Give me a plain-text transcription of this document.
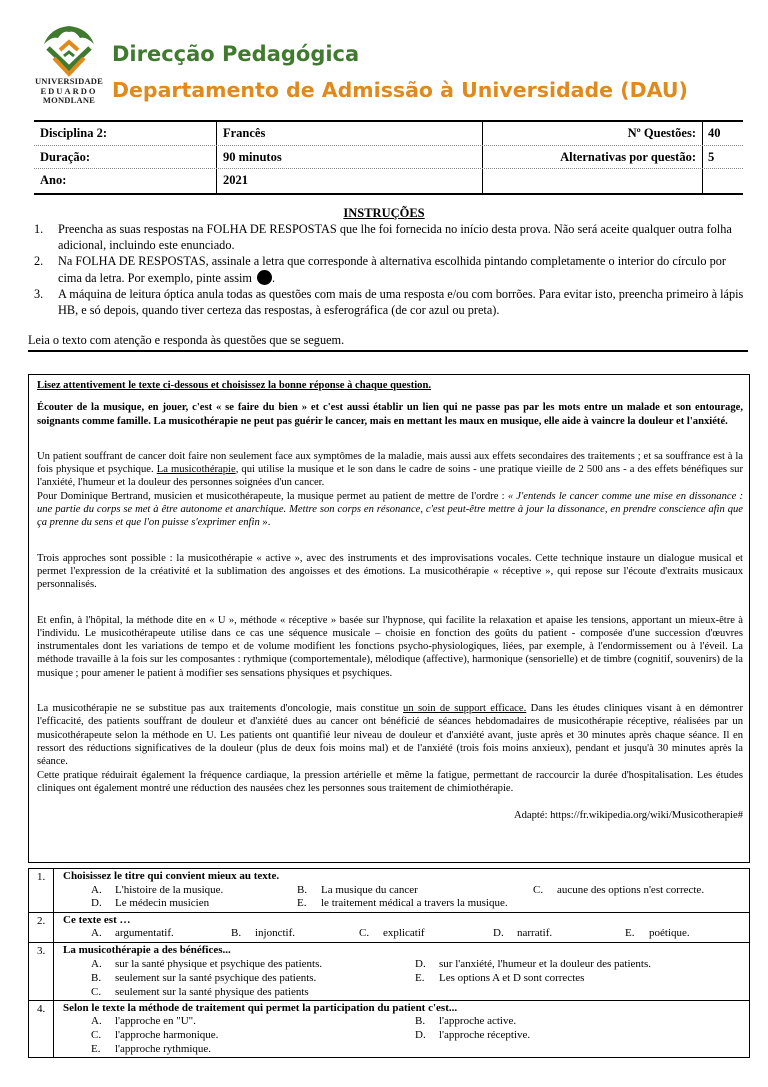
UNIVERSIDADE
EDUARDO
MONDLANE
Direcção Pedagógica
Departamento de Admissão à Universidade (DAU)
Disciplina 2:	Francês	Nº Questões: 40
Duração:	90 minutos	Alternativas por questão: 5
Ano:	2021
INSTRUÇÕES
1.	Preencha as suas respostas na FOLHA DE RESPOSTAS que lhe foi fornecida no início desta prova. Não será aceite qualquer outra folha adicional, incluindo este enunciado.
2.	Na FOLHA DE RESPOSTAS, assinale a letra que corresponde à alternativa escolhida pintando completamente o interior do círculo por cima da letra. Por exemplo, pinte assim .
3.	A máquina de leitura óptica anula todas as questões com mais de uma resposta e/ou com borrões. Para evitar isto, preencha primeiro à lápis HB, e só depois, quando tiver certeza das respostas, à esferográfica (de cor azul ou preta).
Leia o texto com atenção e responda às questões que se seguem.

Lisez attentivement le texte ci-dessous et choisissez la bonne réponse à chaque question.

Écouter de la musique, en jouer, c'est « se faire du bien » et c'est aussi établir un lien qui ne passe pas par les mots entre un malade et son entourage, soignants comme famille. La musicothérapie ne peut pas guérir le cancer, mais en mettant les maux en musique, elle aide à vaincre la douleur et l'anxiété.

Un patient souffrant de cancer doit faire non seulement face aux symptômes de la maladie, mais aussi aux effets secondaires des traitements ; et sa souffrance est à la fois physique et psychique. La musicothérapie, qui utilise la musique et le son dans le cadre de soins - une pratique vieille de 2 500 ans - a des effets bénéfiques sur l'anxiété, l'humeur et la douleur des personnes soignées d'un cancer.

Pour Dominique Bertrand, musicien et musicothérapeute, la musique permet au patient de mettre de l'ordre : « J'entends le cancer comme une mise en dissonance : une partie du corps se met à être autonome et anarchique. Mettre son corps en résonance, c'est peut-être mettre à jour la dissonance, en prendre conscience afin que ça prenne du sens et que l'on puisse s'exprimer enfin ».

Trois approches sont possible : la musicothérapie « active », avec des instruments et des improvisations vocales. Cette technique instaure un dialogue musical et permet l'expression de la créativité et la sublimation des angoisses et des émotions. La musicothérapie « réceptive », qui repose sur l'écoute d'extraits musicaux personnalisés.

Et enfin, à l'hôpital, la méthode dite en « U », méthode « réceptive » basée sur l'hypnose, qui facilite la relaxation et apaise les tensions, apportant un mieux-être à l'individu. Le musicothérapeute utilise dans ce cas une séquence musicale – choisie en fonction des goûts du patient - composée d'une succession d'œuvres instrumentales dont les variations de tempo et de volume modifient les fonctions psycho-physiologiques, liées, par exemple, à l'endormissement ou à l'éveil. La méthode travaille à la fois sur les composantes : rythmique (comportementale), mélodique (affective), harmonique (sensorielle) et de timbre (cognitif, souvenirs) de la musique ; pour amener le patient à modifier ses sensations physiques et psychiques.

La musicothérapie ne se substitue pas aux traitements d'oncologie, mais constitue un soin de support efficace. Dans les études cliniques visant à en démontrer l'efficacité, des patients souffrant de douleur et d'anxiété dues au cancer ont bénéficié de séances hebdomadaires de musicothérapie réceptive, réalisées par un musicothérapeute selon la méthode en U. Les patients ont quantifié leur niveau de douleur et d'anxiété avant, juste après et 30 minutes après chaque séance. Il en ressort des réductions significatives de la douleur (plus de deux fois moins mal) et de l'anxiété (trois fois moins anxieux), pendant et jusqu'à 30 minutes après la séance.

Cette pratique réduirait également la fréquence cardiaque, la pression artérielle et même la fatigue, permettant de raccourcir la durée d'hospitalisation. Les études cliniques ont également montré une réduction des nausées chez les personnes sous traitement de chimiothérapie.

Adapté: https://fr.wikipedia.org/wiki/Musicotherapie#

1.	Choisissez le titre qui convient mieux au texte.
A. L'histoire de la musique.	B. La musique du cancer	C. aucune des options n'est correcte.
D. Le médecin musicien	E. le traitement médical a travers la musique.
2.	Ce texte est …
A. argumentatif.	B. injonctif.	C. explicatif	D. narratif.	E. poétique.
3.	La musicothérapie a des bénéfices...
A. sur la santé physique et psychique des patients.	D. sur l'anxiété, l'humeur et la douleur des patients.
B. seulement sur la santé psychique des patients.	E. Les options A et D sont correctes
C. seulement sur la santé physique des patients
4.	Selon le texte la méthode de traitement qui permet la participation du patient c'est...
A. l'approche en "U".	B. l'approche active.
C. l'approche harmonique.	D. l'approche réceptive.
E. l'approche rythmique.
